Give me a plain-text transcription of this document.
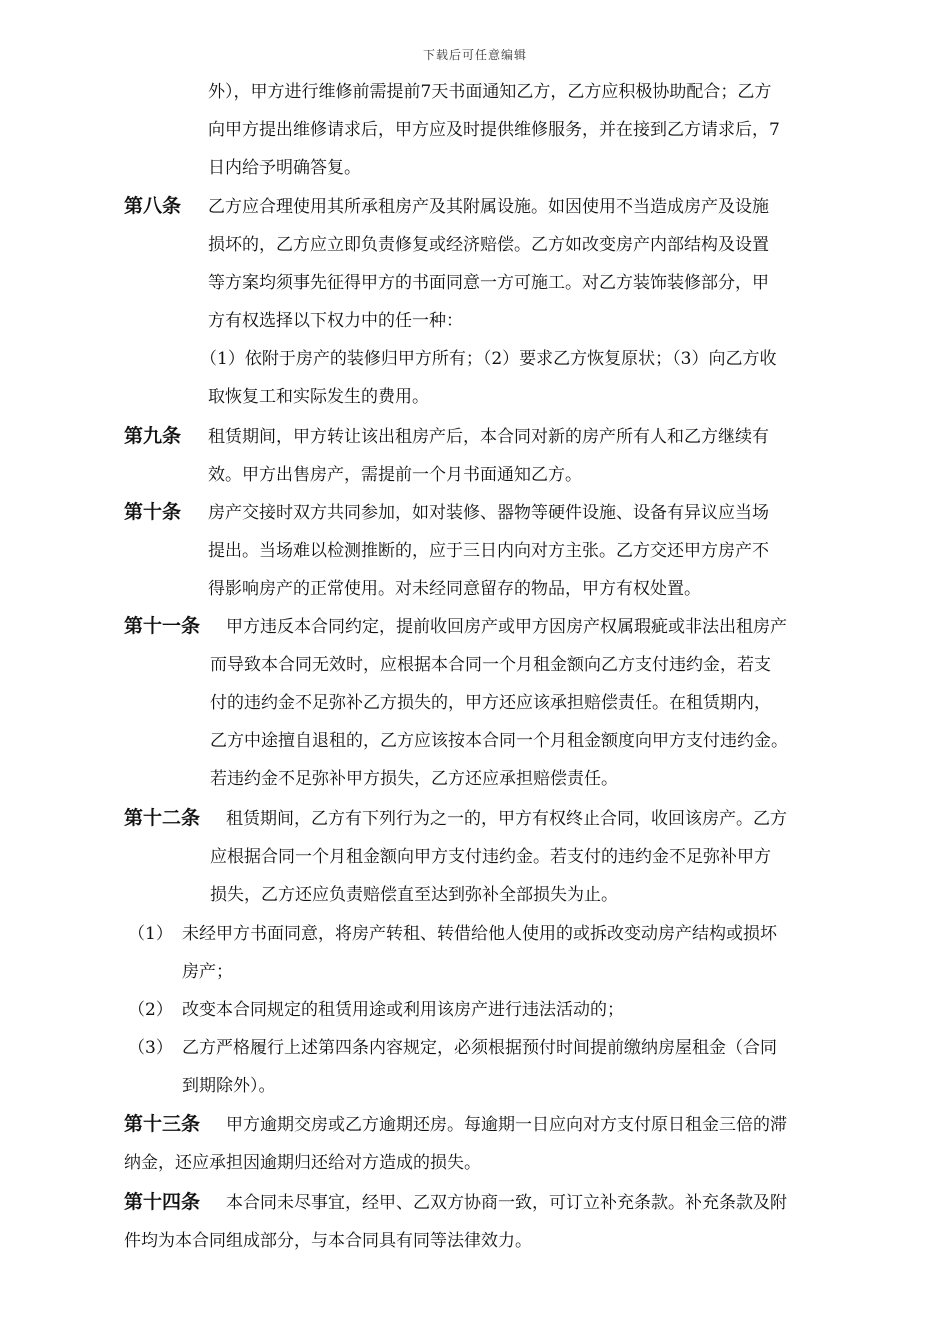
下载后可任意编辑
外），甲方进行维修前需提前7天书面通知乙方，乙方应积极协助配合；乙方
向甲方提出维修请求后，甲方应及时提供维修服务，并在接到乙方请求后，7
日内给予明确答复。
第八条 乙方应合理使用其所承租房产及其附属设施。如因使用不当造成房产及设施
损坏的，乙方应立即负责修复或经济赔偿。乙方如改变房产内部结构及设置
等方案均须事先征得甲方的书面同意一方可施工。对乙方装饰装修部分，甲
方有权选择以下权力中的任一种：
（1）依附于房产的装修归甲方所有；（2）要求乙方恢复原状；（3）向乙方收
取恢复工和实际发生的费用。
第九条 租赁期间，甲方转让该出租房产后，本合同对新的房产所有人和乙方继续有
效。甲方出售房产，需提前一个月书面通知乙方。
第十条 房产交接时双方共同参加，如对装修、器物等硬件设施、设备有异议应当场
提出。当场难以检测推断的，应于三日内向对方主张。乙方交还甲方房产不
得影响房产的正常使用。对未经同意留存的物品，甲方有权处置。
第十一条 甲方违反本合同约定，提前收回房产或甲方因房产权属瑕疵或非法出租房产
而导致本合同无效时，应根据本合同一个月租金额向乙方支付违约金，若支
付的违约金不足弥补乙方损失的，甲方还应该承担赔偿责任。在租赁期内，
乙方中途擅自退租的，乙方应该按本合同一个月租金额度向甲方支付违约金。
若违约金不足弥补甲方损失，乙方还应承担赔偿责任。
第十二条 租赁期间，乙方有下列行为之一的，甲方有权终止合同，收回该房产。乙方
应根据合同一个月租金额向甲方支付违约金。若支付的违约金不足弥补甲方
损失，乙方还应负责赔偿直至达到弥补全部损失为止。
（1） 未经甲方书面同意，将房产转租、转借给他人使用的或拆改变动房产结构或损坏
房产；
（2） 改变本合同规定的租赁用途或利用该房产进行违法活动的；
（3） 乙方严格履行上述第四条内容规定，必须根据预付时间提前缴纳房屋租金（合同
到期除外）。
第十三条 甲方逾期交房或乙方逾期还房。每逾期一日应向对方支付原日租金三倍的滞
纳金，还应承担因逾期归还给对方造成的损失。
第十四条 本合同未尽事宜，经甲、乙双方协商一致，可订立补充条款。补充条款及附
件均为本合同组成部分，与本合同具有同等法律效力。
